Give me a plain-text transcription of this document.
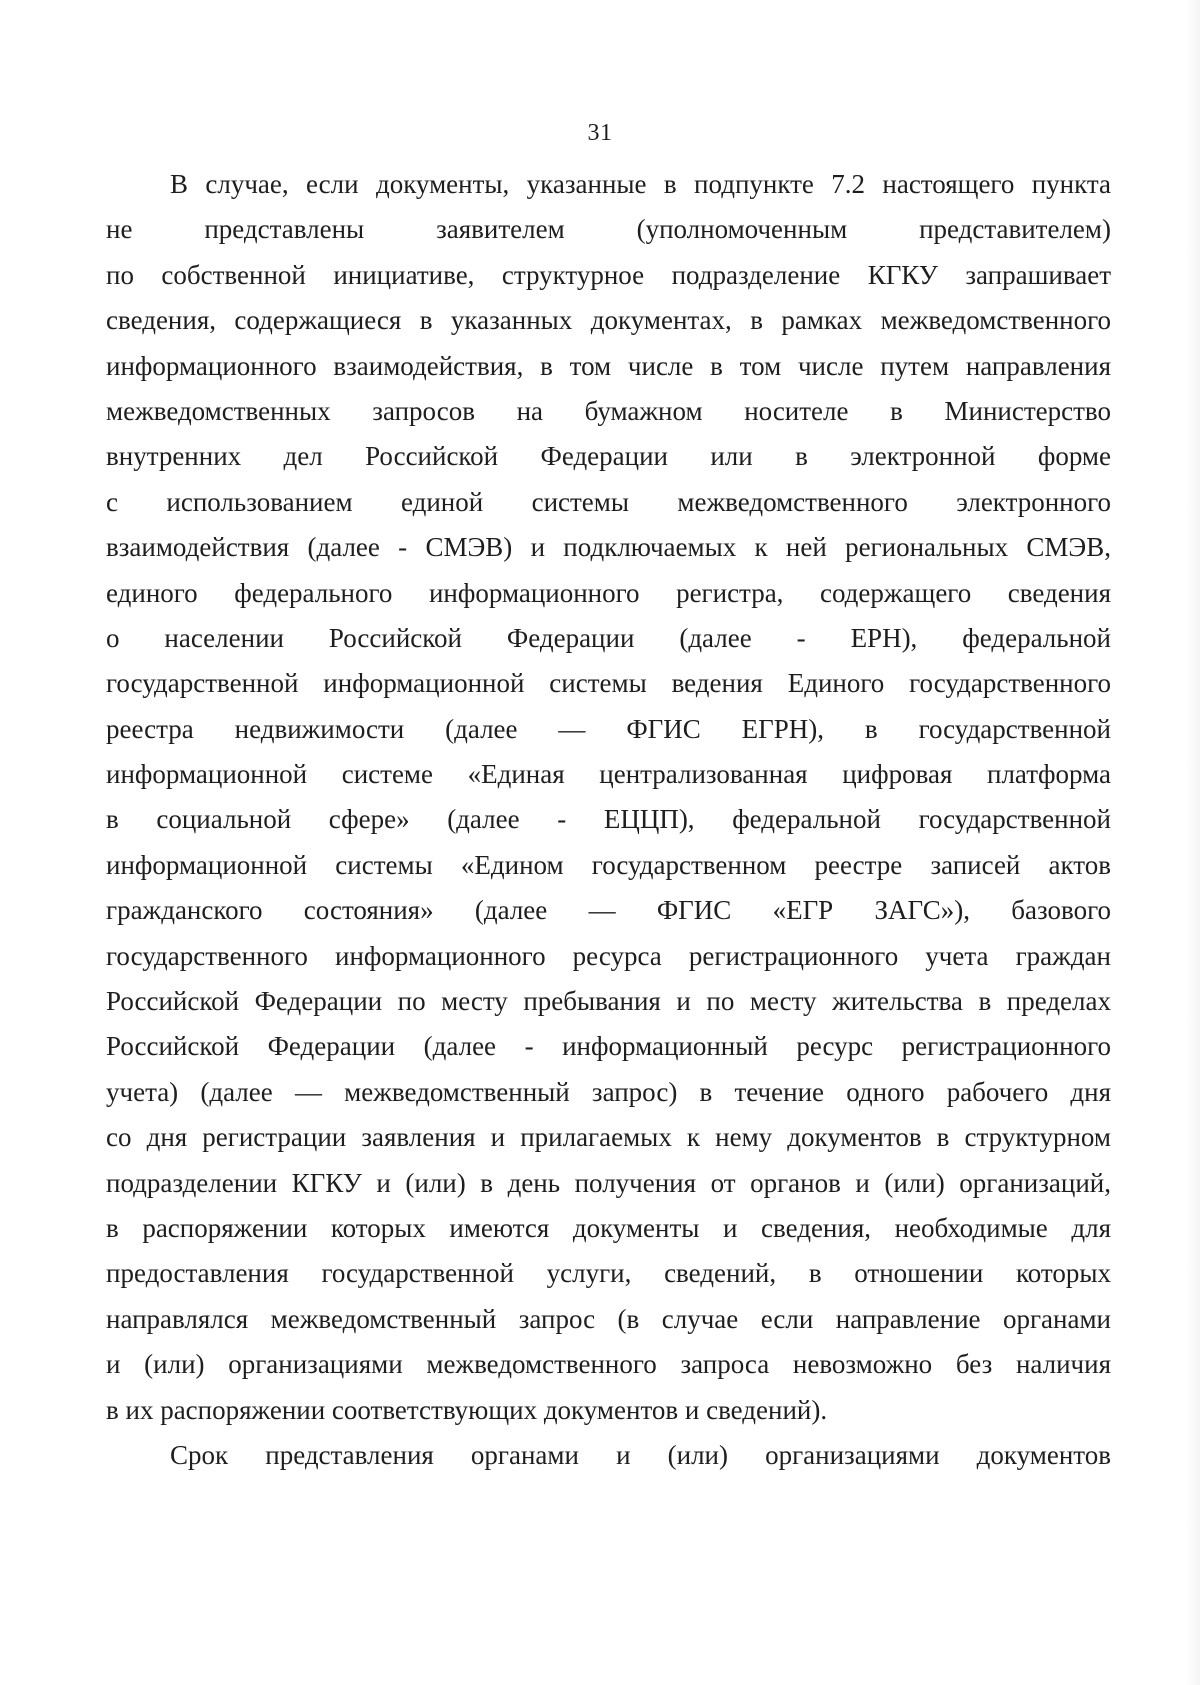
31
В случае, если документы, указанные в подпункте 7.2 настоящего пункта
не представлены заявителем (уполномоченным представителем)
по собственной инициативе, структурное подразделение КГКУ запрашивает
сведения, содержащиеся в указанных документах, в рамках межведомственного
информационного взаимодействия, в том числе в том числе путем направления
межведомственных запросов на бумажном носителе в Министерство
внутренних дел Российской Федерации или в электронной форме
с использованием единой системы межведомственного электронного
взаимодействия (далее - СМЭВ) и подключаемых к ней региональных СМЭВ,
единого федерального информационного регистра, содержащего сведения
о населении Российской Федерации (далее - ЕРН), федеральной
государственной информационной системы ведения Единого государственного
реестра недвижимости (далее — ФГИС ЕГРН), в государственной
информационной системе «Единая централизованная цифровая платформа
в социальной сфере» (далее - ЕЦЦП), федеральной государственной
информационной системы «Едином государственном реестре записей актов
гражданского состояния» (далее — ФГИС «ЕГР ЗАГС»), базового
государственного информационного ресурса регистрационного учета граждан
Российской Федерации по месту пребывания и по месту жительства в пределах
Российской Федерации (далее - информационный ресурс регистрационного
учета) (далее — межведомственный запрос) в течение одного рабочего дня
со дня регистрации заявления и прилагаемых к нему документов в структурном
подразделении КГКУ и (или) в день получения от органов и (или) организаций,
в распоряжении которых имеются документы и сведения, необходимые для
предоставления государственной услуги, сведений, в отношении которых
направлялся межведомственный запрос (в случае если направление органами
и (или) организациями межведомственного запроса невозможно без наличия
в их распоряжении соответствующих документов и сведений).
Срок представления органами и (или) организациями документов
